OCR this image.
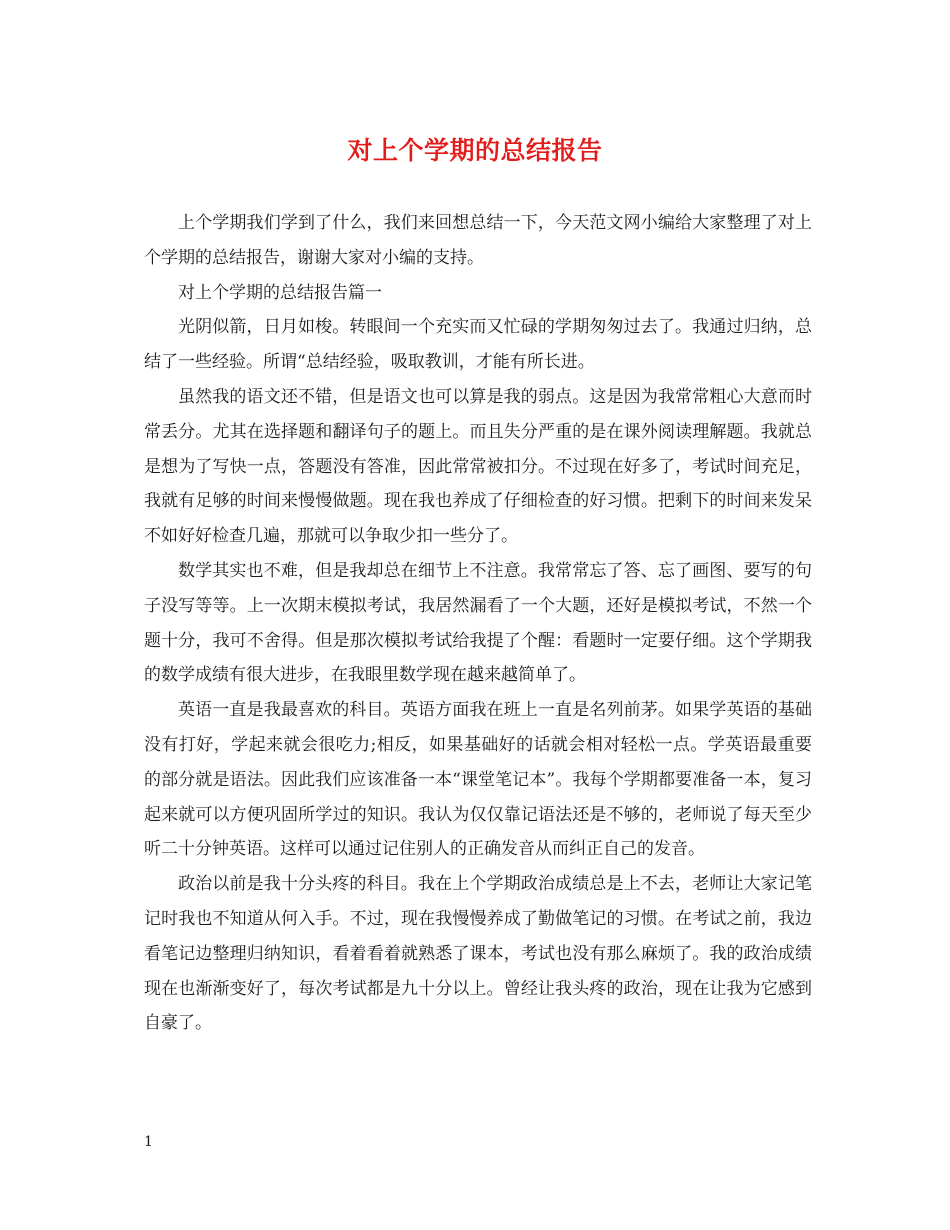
对上个学期的总结报告

上个学期我们学到了什么，我们来回想总结一下，今天范文网小编给大家整理了对上个学期的总结报告，谢谢大家对小编的支持。

对上个学期的总结报告篇一

光阴似箭，日月如梭。转眼间一个充实而又忙碌的学期匆匆过去了。我通过归纳，总结了一些经验。所谓“总结经验，吸取教训，才能有所长进。

虽然我的语文还不错，但是语文也可以算是我的弱点。这是因为我常常粗心大意而时常丢分。尤其在选择题和翻译句子的题上。而且失分严重的是在课外阅读理解题。我就总是想为了写快一点，答题没有答准，因此常常被扣分。不过现在好多了，考试时间充足，我就有足够的时间来慢慢做题。现在我也养成了仔细检查的好习惯。把剩下的时间来发呆不如好好检查几遍，那就可以争取少扣一些分了。

数学其实也不难，但是我却总在细节上不注意。我常常忘了答、忘了画图、要写的句子没写等等。上一次期末模拟考试，我居然漏看了一个大题，还好是模拟考试，不然一个题十分，我可不舍得。但是那次模拟考试给我提了个醒：看题时一定要仔细。这个学期我的数学成绩有很大进步，在我眼里数学现在越来越简单了。

英语一直是我最喜欢的科目。英语方面我在班上一直是名列前茅。如果学英语的基础没有打好，学起来就会很吃力;相反，如果基础好的话就会相对轻松一点。学英语最重要的部分就是语法。因此我们应该准备一本“课堂笔记本”。我每个学期都要准备一本，复习起来就可以方便巩固所学过的知识。我认为仅仅靠记语法还是不够的，老师说了每天至少听二十分钟英语。这样可以通过记住别人的正确发音从而纠正自己的发音。

政治以前是我十分头疼的科目。我在上个学期政治成绩总是上不去，老师让大家记笔记时我也不知道从何入手。不过，现在我慢慢养成了勤做笔记的习惯。在考试之前，我边看笔记边整理归纳知识，看着看着就熟悉了课本，考试也没有那么麻烦了。我的政治成绩现在也渐渐变好了，每次考试都是九十分以上。曾经让我头疼的政治，现在让我为它感到自豪了。

1
